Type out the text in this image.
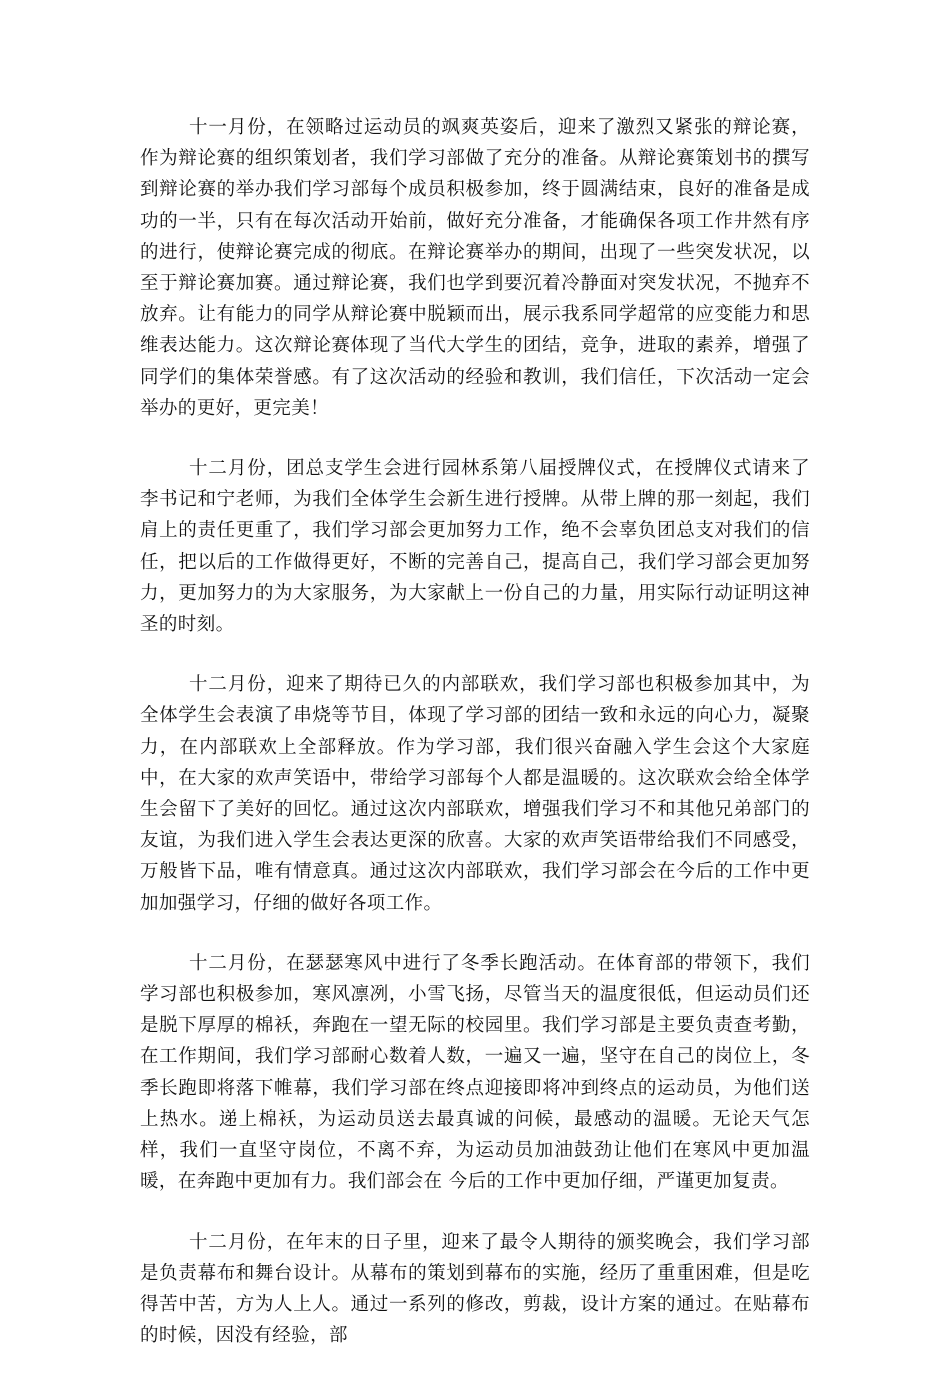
十一月份，在领略过运动员的飒爽英姿后，迎来了激烈又紧张的辩论赛，作为辩论赛的组织策划者，我们学习部做了充分的准备。从辩论赛策划书的撰写到辩论赛的举办我们学习部每个成员积极参加，终于圆满结束，良好的准备是成功的一半，只有在每次活动开始前，做好充分准备，才能确保各项工作井然有序的进行，使辩论赛完成的彻底。在辩论赛举办的期间，出现了一些突发状况，以至于辩论赛加赛。通过辩论赛，我们也学到要沉着冷静面对突发状况，不抛弃不放弃。让有能力的同学从辩论赛中脱颖而出，展示我系同学超常的应变能力和思维表达能力。这次辩论赛体现了当代大学生的团结，竞争，进取的素养，增强了同学们的集体荣誉感。有了这次活动的经验和教训，我们信任，下次活动一定会举办的更好，更完美！

十二月份，团总支学生会进行园林系第八届授牌仪式，在授牌仪式请来了李书记和宁老师，为我们全体学生会新生进行授牌。从带上牌的那一刻起，我们肩上的责任更重了，我们学习部会更加努力工作，绝不会辜负团总支对我们的信任，把以后的工作做得更好，不断的完善自己，提高自己，我们学习部会更加努力，更加努力的为大家服务，为大家献上一份自己的力量，用实际行动证明这神圣的时刻。

十二月份，迎来了期待已久的内部联欢，我们学习部也积极参加其中，为全体学生会表演了串烧等节目，体现了学习部的团结一致和永远的向心力，凝聚力，在内部联欢上全部释放。作为学习部，我们很兴奋融入学生会这个大家庭中，在大家的欢声笑语中，带给学习部每个人都是温暖的。这次联欢会给全体学生会留下了美好的回忆。通过这次内部联欢，增强我们学习不和其他兄弟部门的友谊，为我们进入学生会表达更深的欣喜。大家的欢声笑语带给我们不同感受，万般皆下品，唯有情意真。通过这次内部联欢，我们学习部会在今后的工作中更加加强学习，仔细的做好各项工作。

十二月份，在瑟瑟寒风中进行了冬季长跑活动。在体育部的带领下，我们学习部也积极参加，寒风凛冽，小雪飞扬，尽管当天的温度很低，但运动员们还是脱下厚厚的棉袄，奔跑在一望无际的校园里。我们学习部是主要负责查考勤，在工作期间，我们学习部耐心数着人数，一遍又一遍，坚守在自己的岗位上，冬季长跑即将落下帷幕，我们学习部在终点迎接即将冲到终点的运动员，为他们送上热水。递上棉袄，为运动员送去最真诚的问候，最感动的温暖。无论天气怎样，我们一直坚守岗位，不离不弃，为运动员加油鼓劲让他们在寒风中更加温暖，在奔跑中更加有力。我们部会在 今后的工作中更加仔细，严谨更加复责。

十二月份，在年末的日子里，迎来了最令人期待的颁奖晚会，我们学习部是负责幕布和舞台设计。从幕布的策划到幕布的实施，经历了重重困难，但是吃得苦中苦，方为人上人。通过一系列的修改，剪裁，设计方案的通过。在贴幕布的时候，因没有经验，部
